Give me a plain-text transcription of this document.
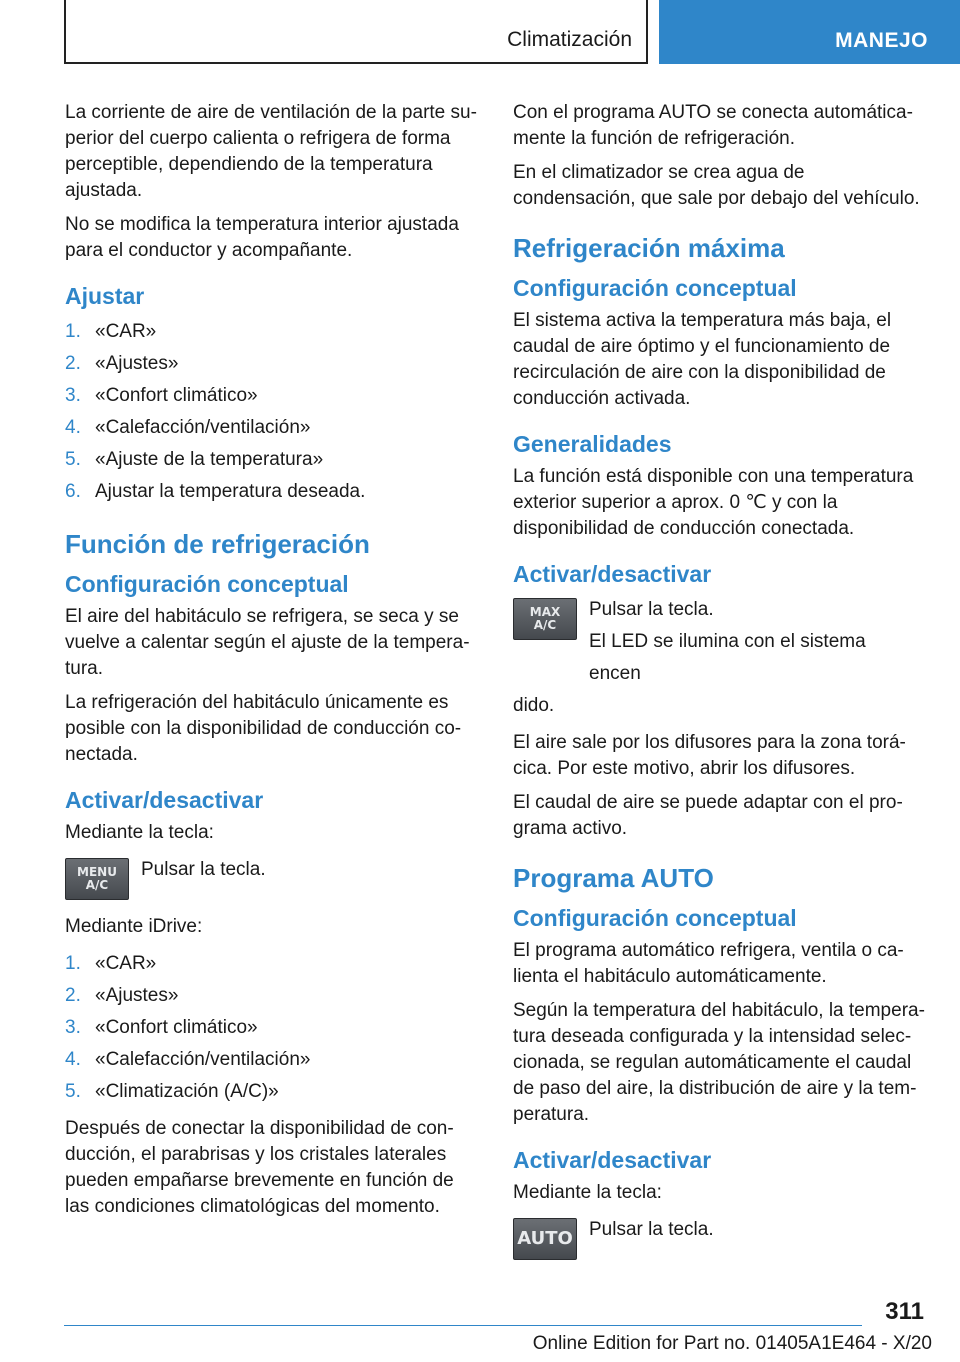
Climatización	MANEJO

La corriente de aire de ventilación de la parte superior del cuerpo calienta o refrigera de forma perceptible, dependiendo de la temperatura ajustada.

No se modifica la temperatura interior ajustada para el conductor y acompañante.

Ajustar
1. «CAR»
2. «Ajustes»
3. «Confort climático»
4. «Calefacción/ventilación»
5. «Ajuste de la temperatura»
6. Ajustar la temperatura deseada.
Función de refrigeración
Configuración conceptual

El aire del habitáculo se refrigera, se seca y se vuelve a calentar según el ajuste de la temperatura.

La refrigeración del habitáculo únicamente es posible con la disponibilidad de conducción conectada.

Activar/desactivar

Mediante la tecla:

MENU
A/C
Pulsar la tecla.

Mediante iDrive:

1. «CAR»
2. «Ajustes»
3. «Confort climático»
4. «Calefacción/ventilación»
5. «Climatización (A/C)»

Después de conectar la disponibilidad de conducción, el parabrisas y los cristales laterales pueden empañarse brevemente en función de las condiciones climatológicas del momento.

Con el programa AUTO se conecta automáticamente la función de refrigeración.

En el climatizador se crea agua de condensación, que sale por debajo del vehículo.

Refrigeración máxima
Configuración conceptual

El sistema activa la temperatura más baja, el caudal de aire óptimo y el funcionamiento de recirculación de aire con la disponibilidad de conducción activada.

Generalidades

La función está disponible con una temperatura exterior superior a aprox. 0 ℃ y con la disponibilidad de conducción conectada.

Activar/desactivar
MAX
A/C
Pulsar la tecla.
El LED se ilumina con el sistema encen
dido.

El aire sale por los difusores para la zona torácica. Por este motivo, abrir los difusores.

El caudal de aire se puede adaptar con el programa activo.

Programa AUTO
Configuración conceptual

El programa automático refrigera, ventila o calienta el habitáculo automáticamente.

Según la temperatura del habitáculo, la temperatura deseada configurada y la intensidad seleccionada, se regulan automáticamente el caudal de paso del aire, la distribución de aire y la temperatura.

Activar/desactivar

Mediante la tecla:

AUTO Pulsar la tecla.
311
Online Edition for Part no. 01405A1E464 - X/20
